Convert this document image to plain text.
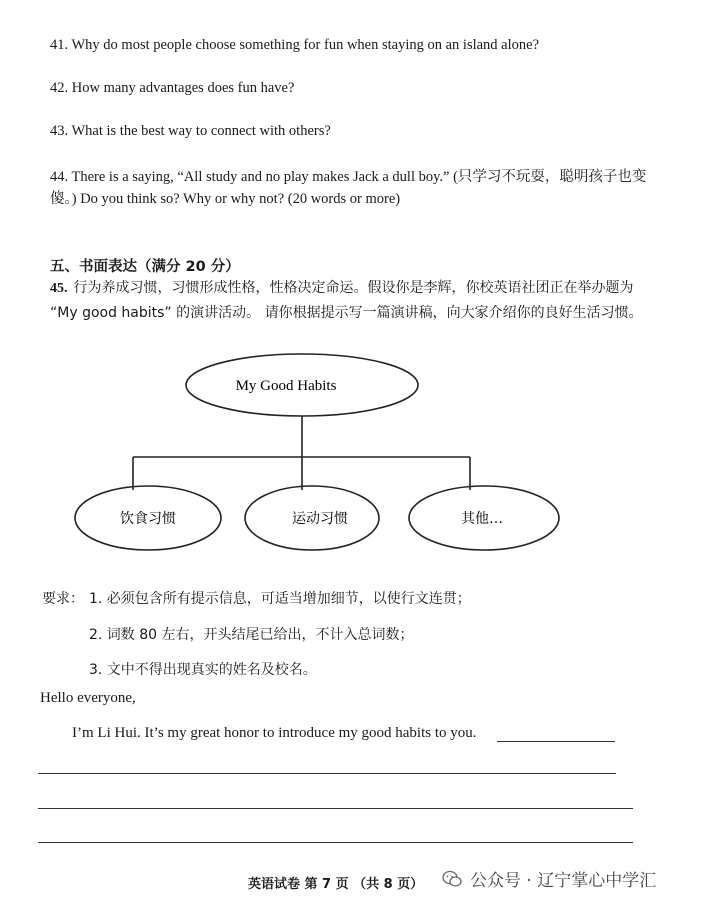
41. Why do most people choose something for fun when staying on an island alone?
42. How many advantages does fun have?
43. What is the best way to connect with others?
44. There is a saying, “All study and no play makes Jack a dull boy.” (只学习不玩耍，聪明孩子也变傻。) Do you think so? Why or why not? (20 words or more)
五、书面表达（满分 20 分）
45. 行为养成习惯，习惯形成性格，性格决定命运。假设你是李辉，你校英语社团正在举办题为 “My good habits” 的演讲活动。 请你根据提示写一篇演讲稿，向大家介绍你的良好生活习惯。
My Good Habits
饮食习惯	运动习惯	其他…
要求： 1. 必须包含所有提示信息，可适当增加细节，以使行文连贯；
2. 词数 80 左右，开头结尾已给出，不计入总词数；
3. 文中不得出现真实的姓名及校名。
Hello everyone,
I’m Li Hui. It’s my great honor to introduce my good habits to you.
英语试卷 第 7 页 （共 8 页）	公众号 · 辽宁掌心中学汇
